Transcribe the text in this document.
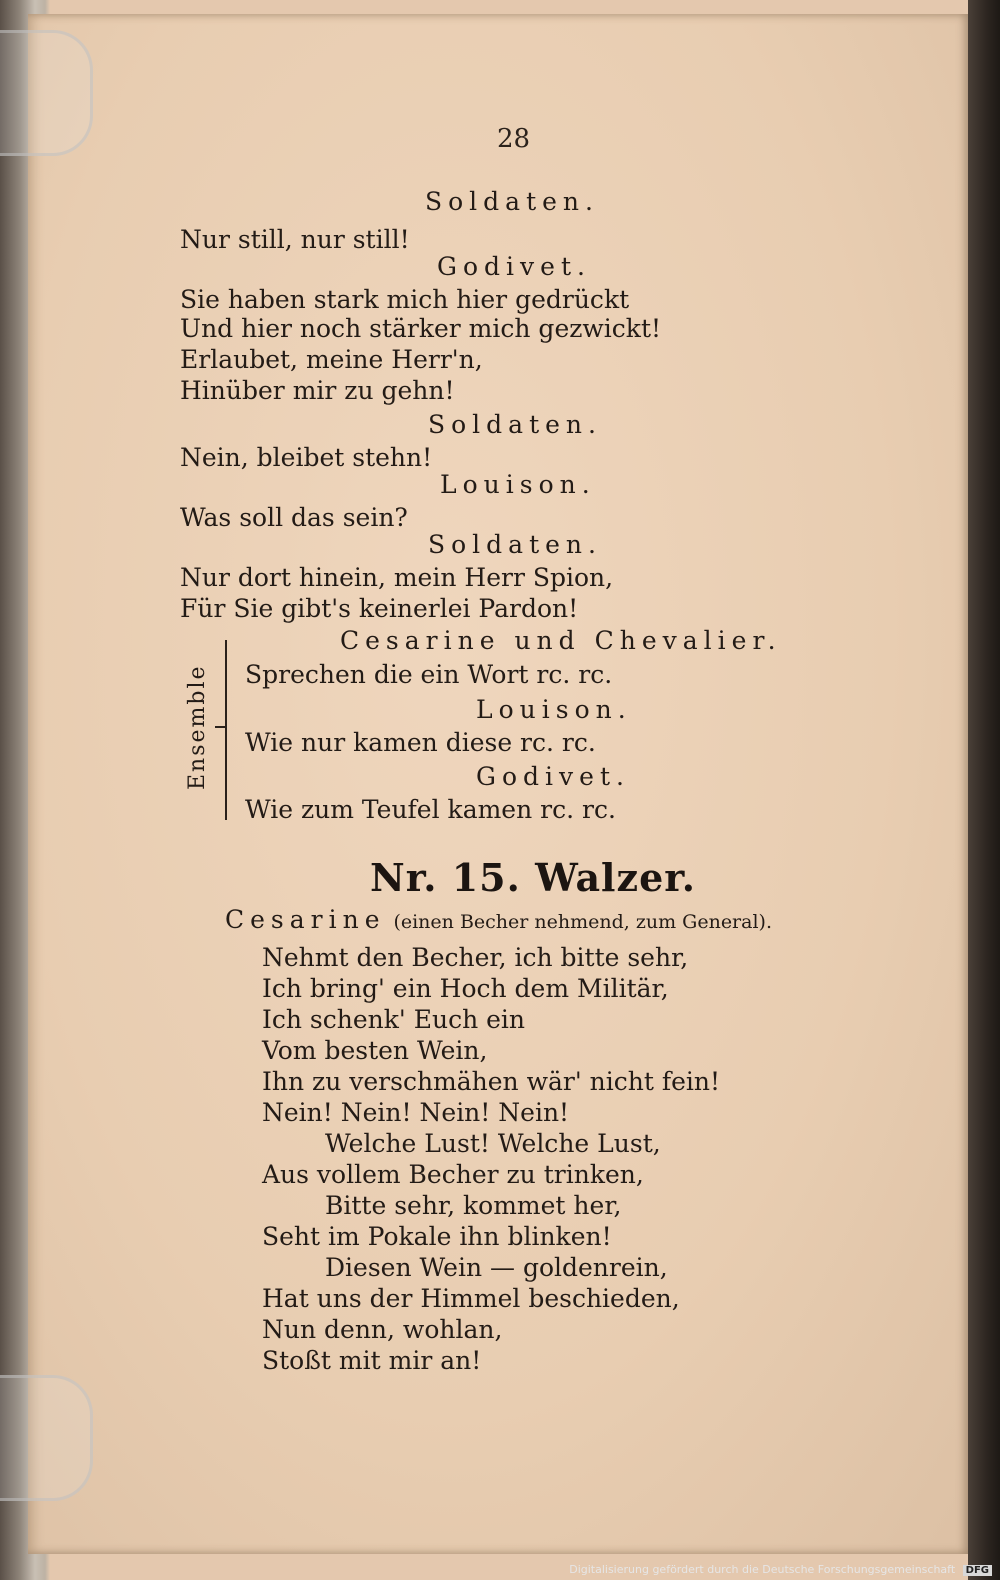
28
Soldaten.
Nur still, nur still!
Godivet.
Sie haben stark mich hier gedrückt
Und hier noch stärker mich gezwickt!
Erlaubet, meine Herr'n,
Hinüber mir zu gehn!
Soldaten.
Nein, bleibet stehn!
Louison.
Was soll das sein?
Soldaten.
Nur dort hinein, mein Herr Spion,
Für Sie gibt's keinerlei Pardon!
Ensemble
Cesarine und Chevalier.
Sprechen die ein Wort rc. rc.
Louison.
Wie nur kamen diese rc. rc.
Godivet.
Wie zum Teufel kamen rc. rc.
Nr. 15. Walzer.
Cesarine (einen Becher nehmend, zum General).
Nehmt den Becher, ich bitte sehr,
Ich bring' ein Hoch dem Militär,
Ich schenk' Euch ein
Vom besten Wein,
Ihn zu verschmähen wär' nicht fein!
Nein! Nein! Nein! Nein!
Welche Lust! Welche Lust,
Aus vollem Becher zu trinken,
Bitte sehr, kommet her,
Seht im Pokale ihn blinken!
Diesen Wein — goldenrein,
Hat uns der Himmel beschieden,
Nun denn, wohlan,
Stoßt mit mir an!
Digitalisierung gefördert durch die Deutsche Forschungsgemeinschaft DFG
